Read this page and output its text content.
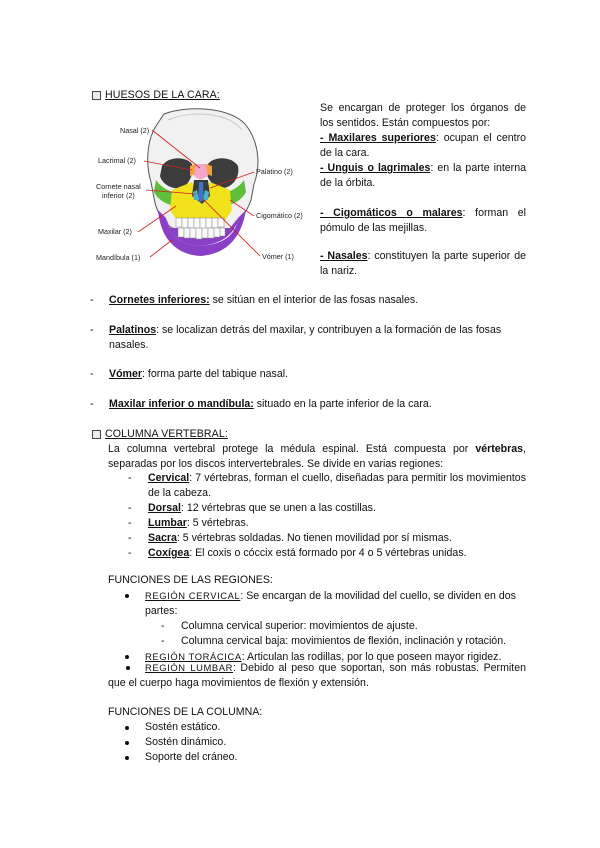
HUESOS DE LA CARA:
Nasal (2)
Lacrimal (2)
Cornete nasal
inferior (2)
Maxilar (2)
Mandíbula (1)
Palatino (2)
Cigomático (2)
Vómer (1)
Se encargan de proteger los órganos de los sentidos. Están compuestos por:
- Maxilares superiores: ocupan el centro de la cara.
- Unguis o lagrimales: en la parte interna de la órbita.
- Cigomáticos o malares: forman el pómulo de las mejillas.
- Nasales: constituyen la parte superior de la nariz.
- Cornetes inferiores: se sitúan en el interior de las fosas nasales.
- Palatinos: se localizan detrás del maxilar, y contribuyen a la formación de las fosas nasales.
- Vómer: forma parte del tabique nasal.
- Maxilar inferior o mandíbula: situado en la parte inferior de la cara.
COLUMNA VERTEBRAL:
La columna vertebral protege la médula espinal. Está compuesta por vértebras, separadas por los discos intervertebrales. Se divide en varias regiones:
- Cervical: 7 vértebras, forman el cuello, diseñadas para permitir los movimientos de la cabeza.
- Dorsal: 12 vértebras que se unen a las costillas.
- Lumbar: 5 vértebras.
- Sacra: 5 vértebras soldadas. No tienen movilidad por sí mismas.
- Coxígea: El coxis o cóccix está formado por 4 o 5 vértebras unidas.
FUNCIONES DE LAS REGIONES:
REGIÓN CERVICAL: Se encargan de la movilidad del cuello, se dividen en dos partes:
- Columna cervical superior: movimientos de ajuste.
- Columna cervical baja: movimientos de flexión, inclinación y rotación.
REGIÓN TORÁCICA: Articulan las rodillas, por lo que poseen mayor rigidez.
REGIÓN LUMBAR: Debido al peso que soportan, son más robustas. Permiten que el cuerpo haga movimientos de flexión y extensión.
FUNCIONES DE LA COLUMNA:
Sostén estático.
Sostén dinámico.
Soporte del cráneo.
